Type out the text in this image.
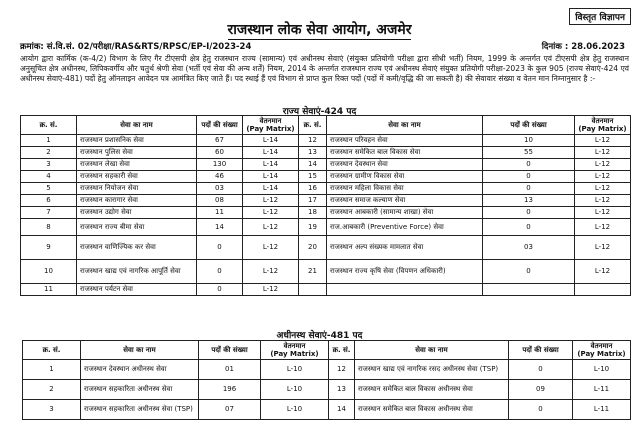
विस्तृत विज्ञापन
राजस्थान लोक सेवा आयोग, अजमेर
क्रमांक: सं.वि.सं. 02/परीक्षा/RAS&RTS/RPSC/EP-I/2023-24	दिनांक : 28.06.2023
आयोग द्वारा कार्मिक (क-4/2) विभाग के लिए गैर टीएसपी क्षेत्र हेतु राजस्थान राज्य (सामान्य) एवं अधीनस्थ सेवाएं (संयुक्त प्रतियोगी परीक्षा द्वारा सीधी भर्ती) नियम, 1999 के अन्तर्गत एवं टीएसपी क्षेत्र हेतु राजस्थान अनुसूचित क्षेत्र अधीनस्थ, लिपिकवर्गीय और चतुर्थ श्रेणी सेवा (भर्ती एवं सेवा की अन्य शर्तें) नियम, 2014 के अन्तर्गत राजस्थान राज्य एवं अधीनस्थ सेवाएं संयुक्त प्रतियोगी परीक्षा-2023 के कुल 905 (राज्य सेवाएं-424 एवं अधीनस्थ सेवाएं-481) पदों हेतु ऑनलाइन आवेदन पत्र आमंत्रित किए जाते हैं। पद स्थाई हैं एवं विभाग से प्राप्त कुल रिक्त पदों (पदों में कमी/वृद्धि की जा सकती है) की सेवावार संख्या व वेतन मान निम्नानुसार है :-
राज्य सेवाएं-424 पद
क्र. सं.	सेवा का नाम	पदों की संख्या	वेतनमान
(Pay Matrix)	क्र. सं.	सेवा का नाम	पदों की संख्या	वेतनमान
(Pay Matrix)
1	राजस्थान प्रशासनिक सेवा	67	L-14	12	राजस्थान परिवहन सेवा	10	L-12
2	राजस्थान पुलिस सेवा	60	L-14	13	राजस्थान समेकित बाल विकास सेवा	55	L-12
3	राजस्थान लेखा सेवा	130	L-14	14	राजस्थान देवस्थान सेवा	0	L-12
4	राजस्थान सहकारी सेवा	46	L-14	15	राजस्थान ग्रामीण विकास सेवा	0	L-12
5	राजस्थान नियोजन सेवा	03	L-14	16	राजस्थान महिला विकास सेवा	0	L-12
6	राजस्थान कारागार सेवा	08	L-12	17	राजस्थान समाज कल्याण सेवा	13	L-12
7	राजस्थान उद्योग सेवा	11	L-12	18	राजस्थान आबकारी (सामान्य शाखा) सेवा	0	L-12
8	राजस्थान राज्य बीमा सेवा	14	L-12	19	राज.आबकारी (Preventive Force) सेवा	0	L-12
9	राजस्थान वाणिज्यिक कर सेवा	0	L-12	20	राजस्थान अल्प संख्यक मामलात सेवा	03	L-12
10	राजस्थान खाद्य एवं नागरिक आपूर्ति सेवा	0	L-12	21	राजस्थान राज्य कृषि सेवा (विपणन अधिकारी)	0	L-12
11	राजस्थान पर्यटन सेवा	0	L-12				
अधीनस्थ सेवाएं-481 पद
क्र. सं.	सेवा का नाम	पदों की संख्या	वेतनमान
(Pay Matrix)	क्र. सं.	सेवा का नाम	पदों की संख्या	वेतनमान
(Pay Matrix)
1	राजस्थान देवस्थान अधीनस्थ सेवा	01	L-10	12	राजस्थान खाद्य एवं नागरिक रसद अधीनस्थ सेवा (TSP)	0	L-10
2	राजस्थान सहकारिता अधीनस्थ सेवा	196	L-10	13	राजस्थान समेकित बाल विकास अधीनस्थ सेवा	09	L-11
3	राजस्थान सहकारिता अधीनस्थ सेवा (TSP)	07	L-10	14	राजस्थान समेकित बाल विकास अधीनस्थ सेवा	0	L-11
